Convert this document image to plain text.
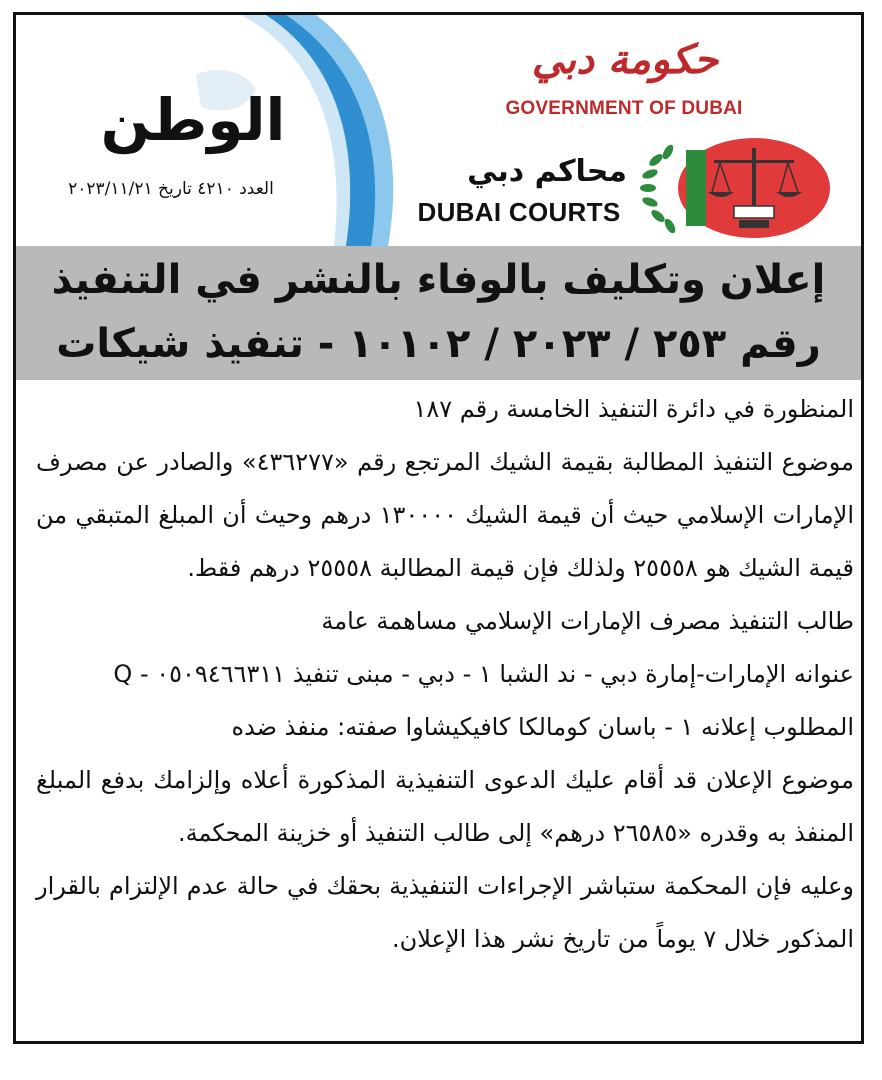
الوطن
العدد ٤٢١٠ تاريخ ٢٠٢٣/١١/٢١
حكومة دبي
GOVERNMENT OF DUBAI
محاكم دبي
DUBAI COURTS
إعلان وتكليف بالوفاء بالنشر في التنفيذ
رقم ٢٥٣ / ٢٠٢٣ / ١٠١٠٢ - تنفيذ شيكات

المنظورة في دائرة التنفيذ الخامسة رقم ١٨٧

موضوع التنفيذ المطالبة بقيمة الشيك المرتجع رقم «٤٣٦٢٧٧» والصادر عن مصرف الإمارات الإسلامي حيث أن قيمة الشيك ١٣٠٠٠٠ درهم وحيث أن المبلغ المتبقي من قيمة الشيك هو ٢٥٥٥٨ ولذلك فإن قيمة المطالبة ٢٥٥٥٨ درهم فقط.

طالب التنفيذ مصرف الإمارات الإسلامي مساهمة عامة

عنوانه الإمارات-إمارة دبي - ند الشبا ١ - دبي - مبنى تنفيذ ٠٥٠٩٤٦٦٣١١ - Q

المطلوب إعلانه ١ - باسان كومالكا كافيكيشاوا صفته: منفذ ضده

موضوع الإعلان قد أقام عليك الدعوى التنفيذية المذكورة أعلاه وإلزامك بدفع المبلغ المنفذ به وقدره «٢٦٥٨٥ درهم» إلى طالب التنفيذ أو خزينة المحكمة.

وعليه فإن المحكمة ستباشر الإجراءات التنفيذية بحقك في حالة عدم الإلتزام بالقرار المذكور خلال ٧ يوماً من تاريخ نشر هذا الإعلان.
